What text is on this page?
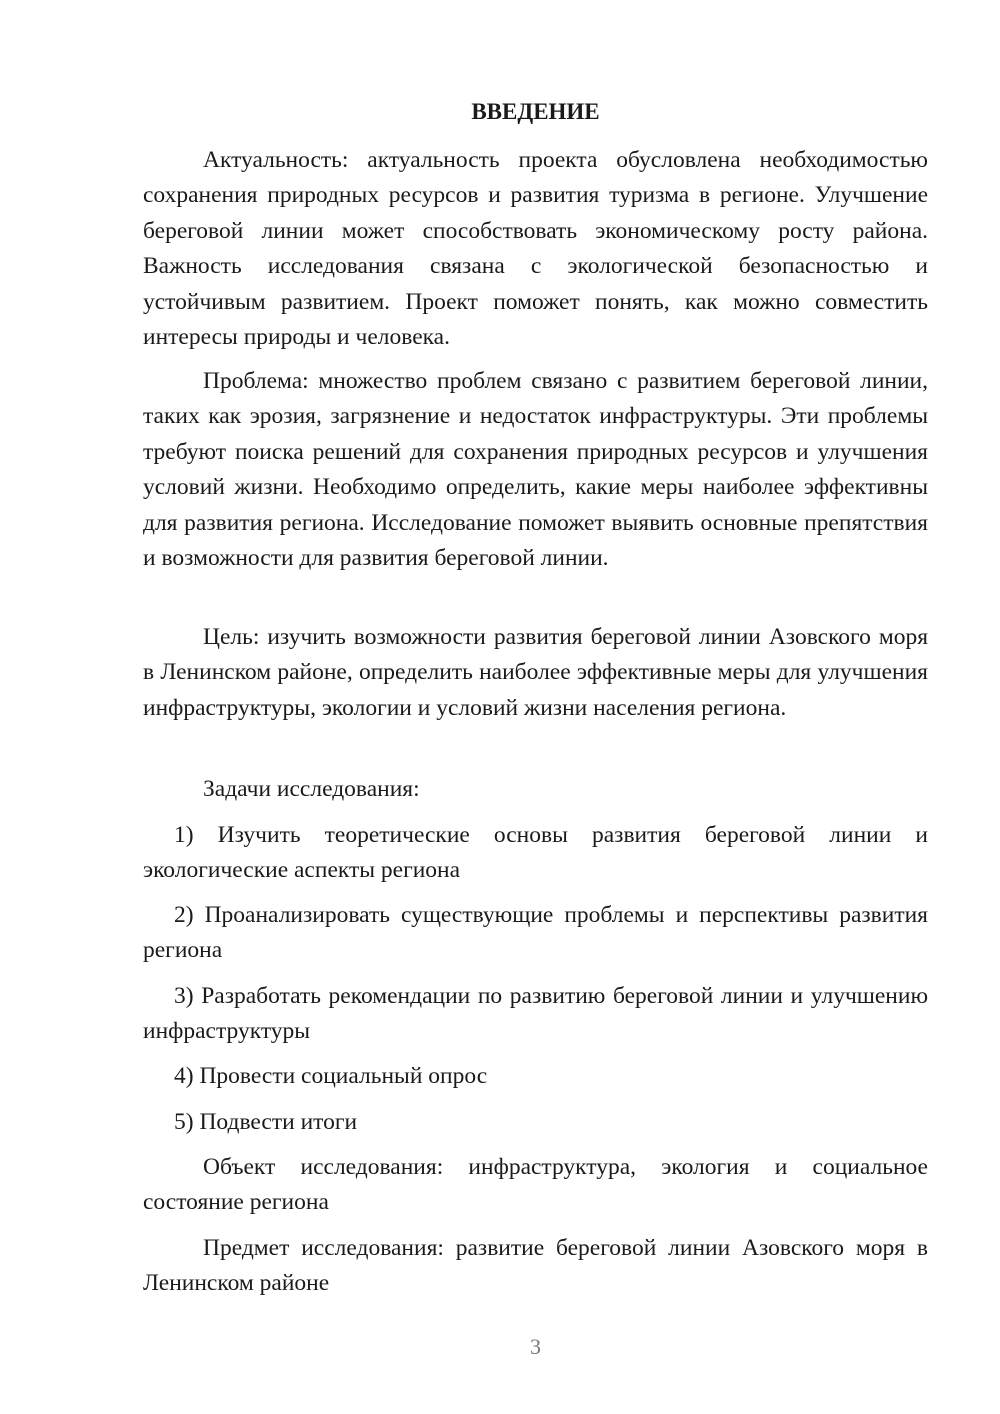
ВВЕДЕНИЕ

Актуальность: актуальность проекта обусловлена необходимостью сохранения природных ресурсов и развития туризма в регионе. Улучшение береговой линии может способствовать экономическому росту района. Важность исследования связана с экологической безопасностью и устойчивым развитием. Проект поможет понять, как можно совместить интересы природы и человека.

Проблема: множество проблем связано с развитием береговой линии, таких как эрозия, загрязнение и недостаток инфраструктуры. Эти проблемы требуют поиска решений для сохранения природных ресурсов и улучшения условий жизни. Необходимо определить, какие меры наиболее эффективны для развития региона. Исследование поможет выявить основные препятствия и возможности для развития береговой линии.

Цель: изучить возможности развития береговой линии Азовского моря в Ленинском районе, определить наиболее эффективные меры для улучшения инфраструктуры, экологии и условий жизни населения региона.

Задачи исследования:

1) Изучить теоретические основы развития береговой линии и экологические аспекты региона

2) Проанализировать существующие проблемы и перспективы развития региона

3) Разработать рекомендации по развитию береговой линии и улучшению инфраструктуры

4) Провести социальный опрос

5) Подвести итоги

Объект исследования: инфраструктура, экология и социальное состояние региона

Предмет исследования: развитие береговой линии Азовского моря в Ленинском районе

3
